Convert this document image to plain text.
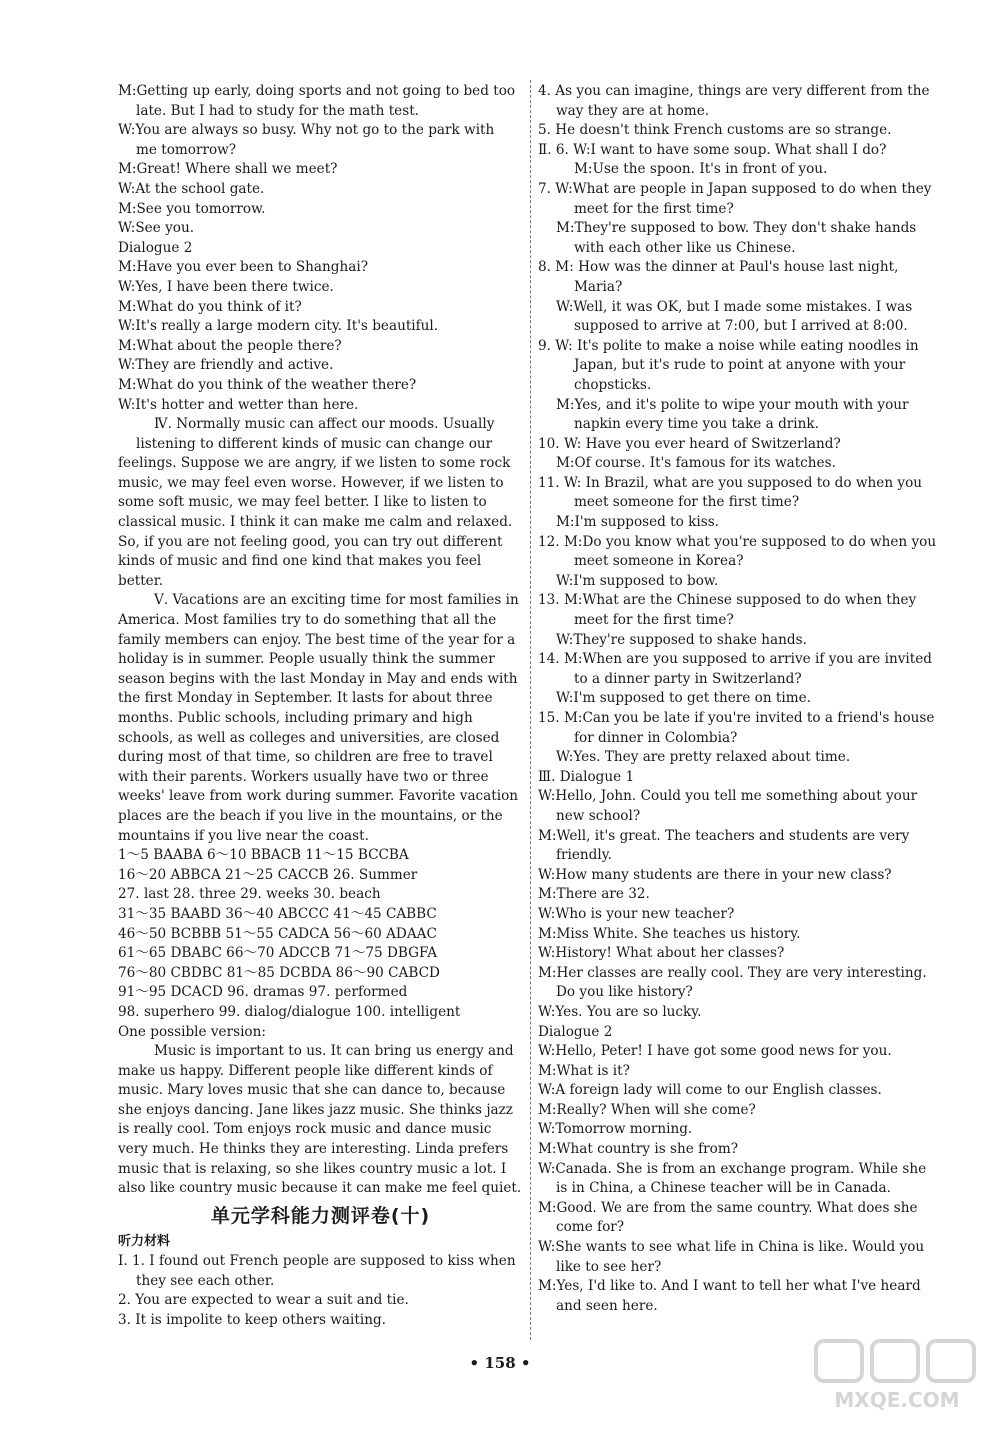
M:Getting up early, doing sports and not going to bed too
late. But I had to study for the math test.
W:You are always so busy. Why not go to the park with
me tomorrow?
M:Great! Where shall we meet?
W:At the school gate.
M:See you tomorrow.
W:See you.
Dialogue 2
M:Have you ever been to Shanghai?
W:Yes, I have been there twice.
M:What do you think of it?
W:It's really a large modern city. It's beautiful.
M:What about the people there?
W:They are friendly and active.
M:What do you think of the weather there?
W:It's hotter and wetter than here.
Ⅳ. Normally music can affect our moods. Usually
listening to different kinds of music can change our
feelings. Suppose we are angry, if we listen to some rock
music, we may feel even worse. However, if we listen to
some soft music, we may feel better. I like to listen to
classical music. I think it can make me calm and relaxed.
So, if you are not feeling good, you can try out different
kinds of music and find one kind that makes you feel
better.
Ⅴ. Vacations are an exciting time for most families in
America. Most families try to do something that all the
family members can enjoy. The best time of the year for a
holiday is in summer. People usually think the summer
season begins with the last Monday in May and ends with
the first Monday in September. It lasts for about three
months. Public schools, including primary and high
schools, as well as colleges and universities, are closed
during most of that time, so children are free to travel
with their parents. Workers usually have two or three
weeks' leave from work during summer. Favorite vacation
places are the beach if you live in the mountains, or the
mountains if you live near the coast.
1～5 BAABA 6～10 BBACB 11～15 BCCBA
16～20 ABBCA 21～25 CACCB 26. Summer
27. last 28. three 29. weeks 30. beach
31～35 BAABD 36～40 ABCCC 41～45 CABBC
46～50 BCBBB 51～55 CADCA 56～60 ADAAC
61～65 DBABC 66～70 ADCCB 71～75 DBGFA
76～80 CBDBC 81～85 DCBDA 86～90 CABCD
91～95 DCACD 96. dramas 97. performed
98. superhero 99. dialog/dialogue 100. intelligent
One possible version:
Music is important to us. It can bring us energy and
make us happy. Different people like different kinds of
music. Mary loves music that she can dance to, because
she enjoys dancing. Jane likes jazz music. She thinks jazz
is really cool. Tom enjoys rock music and dance music
very much. He thinks they are interesting. Linda prefers
music that is relaxing, so she likes country music a lot. I
also like country music because it can make me feel quiet.
单元学科能力测评卷(十)
听力材料
Ⅰ. 1. I found out French people are supposed to kiss when
they see each other.
2. You are expected to wear a suit and tie.
3. It is impolite to keep others waiting.
4. As you can imagine, things are very different from the
way they are at home.
5. He doesn't think French customs are so strange.
Ⅱ. 6. W:I want to have some soup. What shall I do?
M:Use the spoon. It's in front of you.
7. W:What are people in Japan supposed to do when they
meet for the first time?
M:They're supposed to bow. They don't shake hands
with each other like us Chinese.
8. M: How was the dinner at Paul's house last night,
Maria?
W:Well, it was OK, but I made some mistakes. I was
supposed to arrive at 7:00, but I arrived at 8:00.
9. W: It's polite to make a noise while eating noodles in
Japan, but it's rude to point at anyone with your
chopsticks.
M:Yes, and it's polite to wipe your mouth with your
napkin every time you take a drink.
10. W: Have you ever heard of Switzerland?
M:Of course. It's famous for its watches.
11. W: In Brazil, what are you supposed to do when you
meet someone for the first time?
M:I'm supposed to kiss.
12. M:Do you know what you're supposed to do when you
meet someone in Korea?
W:I'm supposed to bow.
13. M:What are the Chinese supposed to do when they
meet for the first time?
W:They're supposed to shake hands.
14. M:When are you supposed to arrive if you are invited
to a dinner party in Switzerland?
W:I'm supposed to get there on time.
15. M:Can you be late if you're invited to a friend's house
for dinner in Colombia?
W:Yes. They are pretty relaxed about time.
Ⅲ. Dialogue 1
W:Hello, John. Could you tell me something about your
new school?
M:Well, it's great. The teachers and students are very
friendly.
W:How many students are there in your new class?
M:There are 32.
W:Who is your new teacher?
M:Miss White. She teaches us history.
W:History! What about her classes?
M:Her classes are really cool. They are very interesting.
Do you like history?
W:Yes. You are so lucky.
Dialogue 2
W:Hello, Peter! I have got some good news for you.
M:What is it?
W:A foreign lady will come to our English classes.
M:Really? When will she come?
W:Tomorrow morning.
M:What country is she from?
W:Canada. She is from an exchange program. While she
is in China, a Chinese teacher will be in Canada.
M:Good. We are from the same country. What does she
come for?
W:She wants to see what life in China is like. Would you
like to see her?
M:Yes, I'd like to. And I want to tell her what I've heard
and seen here.
• 158 •
MXQE.COM
